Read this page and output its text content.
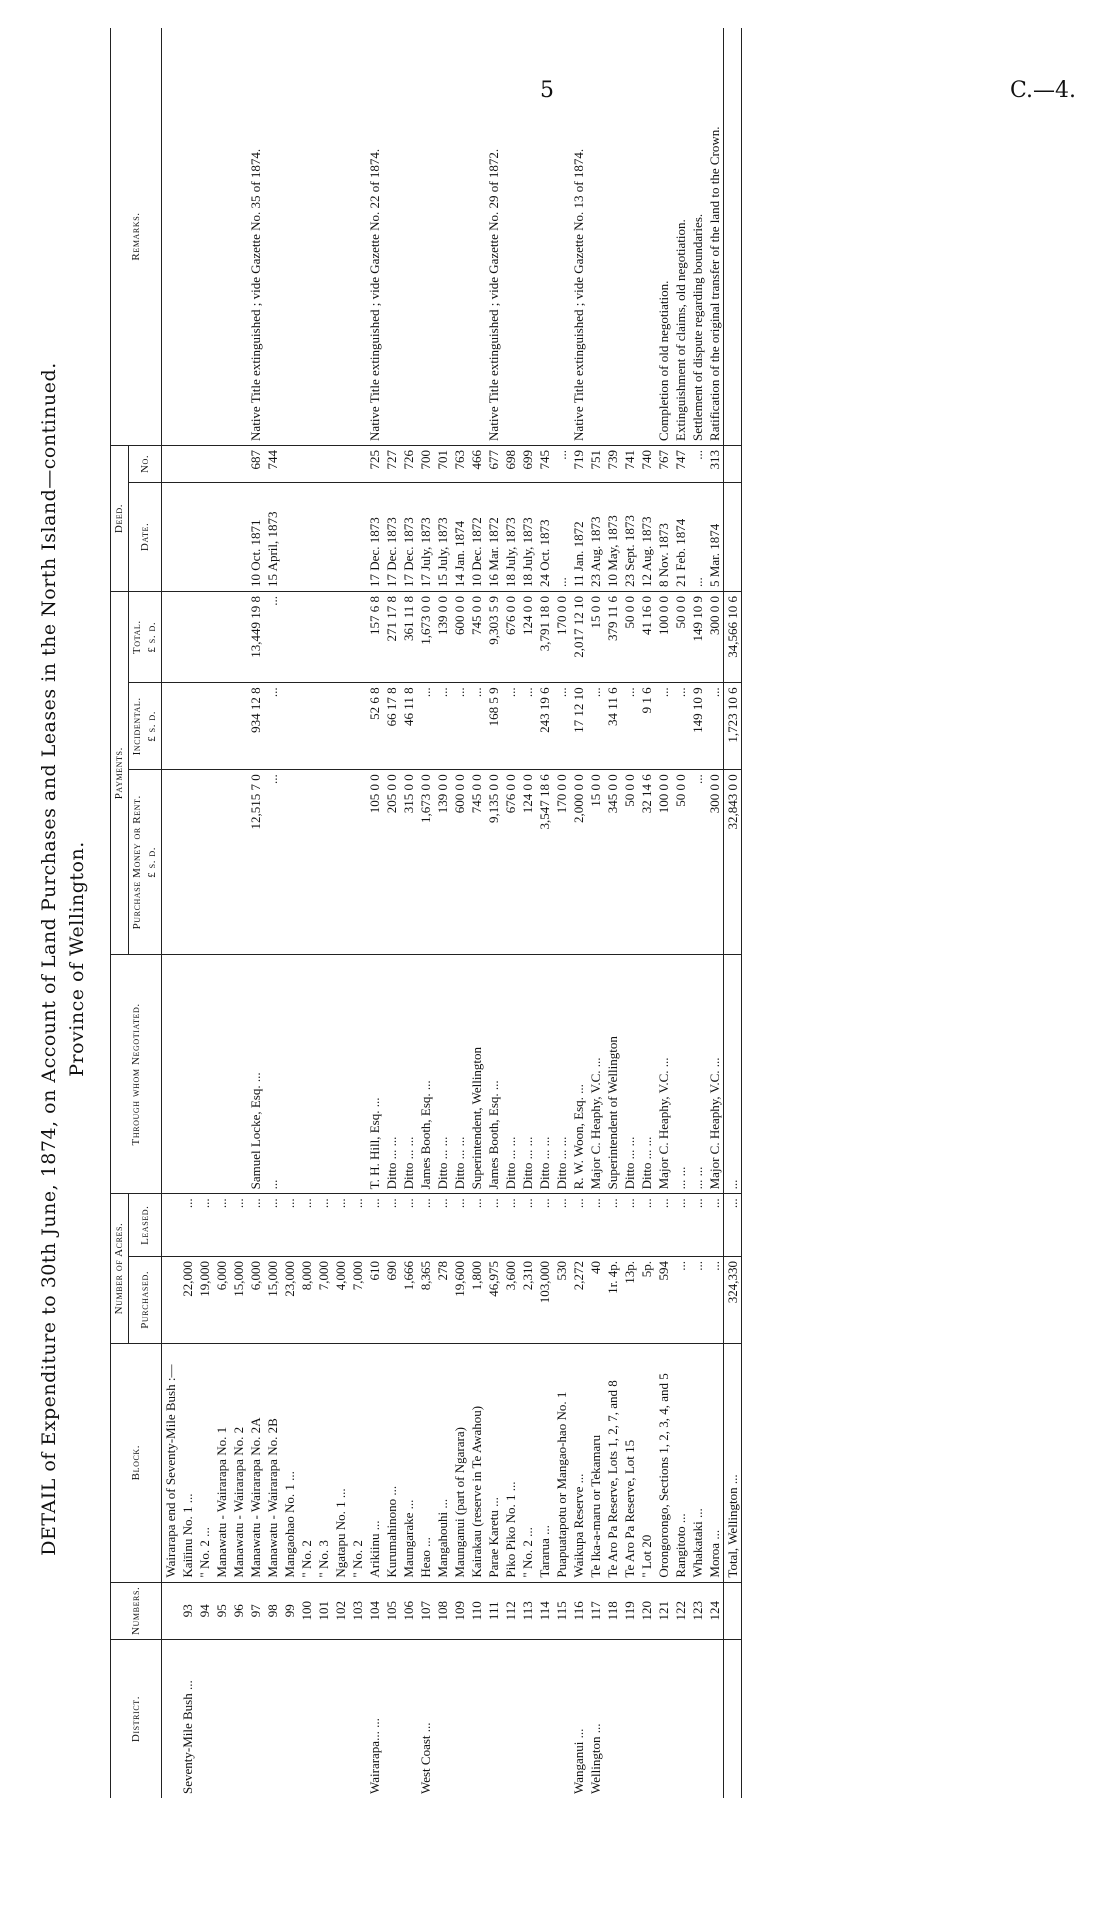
5	C.—4.
DETAIL of Expenditure to 30th June, 1874, on Account of Land Purchases and Leases in the North Island—continued. Province of Wellington.
District.	Numbers.	Block.	Number of Acres.		Through whom Negotiated.	Payments.			Deed.		Remarks.
			Purchased.	Leased.		Purchase Money or Rent. £ s. d.	Incidental. £ s. d.	Total. £ s. d.	Date.	No.	
		Wairarapa end of Seventy-Mile Bush :—									
Seventy-Mile Bush ...	93	Kaiīinu No. 1 ...	22,000	...							
	94	" No. 2 ...	19,000	...							
	95	Manawatu - Wairarapa No. 1	6,000	...							
	96	Manawatu - Wairarapa No. 2	15,000	...							
	97	Manawatu - Wairarapa No. 2A	6,000	...	Samuel Locke, Esq. ...	12,515 7 0	934 12 8	13,449 19 8	10 Oct. 1871	687	Native Title extinguished ; vide Gazette No. 35 of 1874.
	98	Manawatu - Wairarapa No. 2B	15,000	...	...	...	...	...	15 April, 1873	744	
	99	Mangaohao No. 1 ...	23,000	...							
	100	" No. 2	8,000	...							
	101	" No. 3	7,000	...							
	102	Ngatapu No. 1 ...	4,000	...							
	103	" No. 2	7,000	...							
Wairarapa... ...	104	Arikiinu ...	610	...	T. H. Hill, Esq. ...	105 0 0	52 6 8	157 6 8	17 Dec. 1873	725	Native Title extinguished ; vide Gazette No. 22 of 1874.
	105	Kurumahinono ...	690	...	Ditto ... ...	205 0 0	66 17 8	271 17 8	17 Dec. 1873	727	
	106	Maungarake ...	1,666	...	Ditto ... ...	315 0 0	46 11 8	361 11 8	17 Dec. 1873	726	
West Coast ...	107	Heao ...	8,365	...	James Booth, Esq. ...	1,673 0 0	...	1,673 0 0	17 July, 1873	700	
	108	Mangahouhi ...	278	...	Ditto ... ...	139 0 0	...	139 0 0	15 July, 1873	701	
	109	Maunganui (part of Ngarara)	19,600	...	Ditto ... ...	600 0 0	...	600 0 0	14 Jan. 1874	763	
	110	Kairakau (reserve in Te Awahou)	1,800	...	Superintendent, Wellington	745 0 0	...	745 0 0	10 Dec. 1872	466	
	111	Parae Karetu ...	46,975	...	James Booth, Esq. ...	9,135 0 0	168 5 9	9,303 5 9	16 Mar. 1872	677	Native Title extinguished ; vide Gazette No. 29 of 1872.
	112	Piko Piko No. 1 ...	3,600	...	Ditto ... ...	676 0 0	...	676 0 0	18 July, 1873	698	
	113	" No. 2 ...	2,310	...	Ditto ... ...	124 0 0	...	124 0 0	18 July, 1873	699	
	114	Tararua ...	103,000	...	Ditto ... ...	3,547 18 6	243 19 6	3,791 18 0	24 Oct. 1873	745	
	115	Puapuatapotu or Mangao-hao No. 1	530	...	Ditto ... ...	170 0 0	...	170 0 0	...	...	
Wanganui ...	116	Waikupa Reserve ...	2,272	...	R. W. Woon, Esq. ...	2,000 0 0	17 12 10	2,017 12 10	11 Jan. 1872	719	Native Title extinguished ; vide Gazette No. 13 of 1874.
Wellington ...	117	Te Ika-a-maru or Tekamaru	40	...	Major C. Heaphy, V.C. ...	15 0 0	...	15 0 0	23 Aug. 1873	751	
	118	Te Aro Pa Reserve, Lots 1, 2, 7, and 8	1r. 4p.	...	Superintendent of Wellington	345 0 0	34 11 6	379 11 6	10 May, 1873	739	
	119	Te Aro Pa Reserve, Lot 15	13p.	...	Ditto ... ...	50 0 0	...	50 0 0	23 Sept. 1873	741	
	120	" Lot 20	5p.	...	Ditto ... ...	32 14 6	9 1 6	41 16 0	12 Aug. 1873	740	
	121	Orongorongo, Sections 1, 2, 3, 4, and 5	594	...	Major C. Heaphy, V.C. ...	100 0 0	...	100 0 0	8 Nov. 1873	767	Completion of old negotiation.
	122	Rangitoto ...	...	...	... ...	50 0 0	...	50 0 0	21 Feb. 1874	747	Extinguishment of claims, old negotiation.
	123	Whakataki ...	...	...	... ...	...	149 10 9	149 10 9	...	...	Settlement of dispute regarding boundaries.
	124	Moroa ...	...	...	Major C. Heaphy, V.C. ...	300 0 0	...	300 0 0	5 Mar. 1874	313	Ratification of the original transfer of the land to the Crown.
		Total, Wellington ...	324,330	...	...	32,843 0 0	1,723 10 6	34,566 10 6			
